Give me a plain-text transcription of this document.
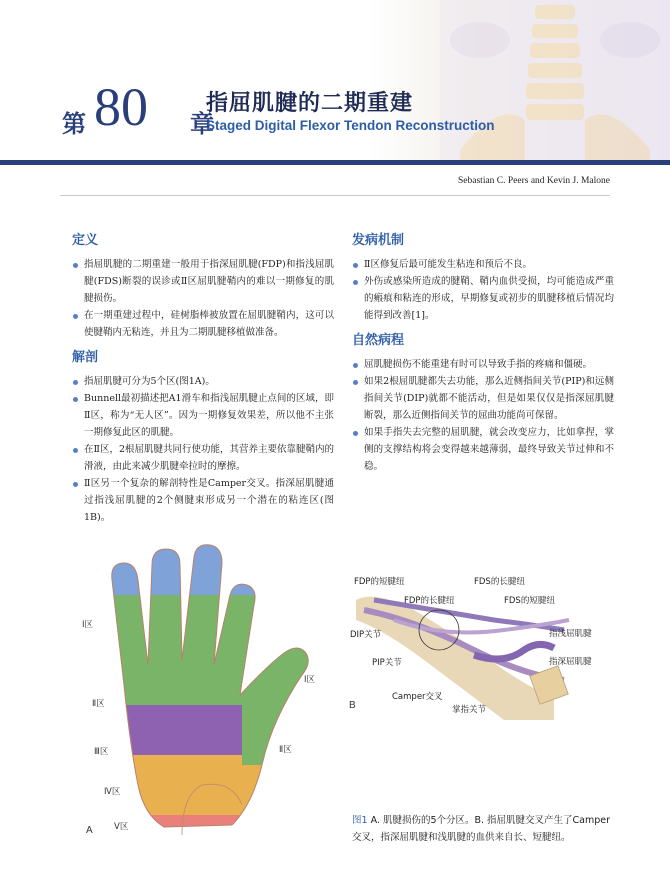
第 80 章
指屈肌腱的二期重建
Staged Digital Flexor Tendon Reconstruction
Sebastian C. Peers and Kevin J. Malone
定义
指屈肌腱的二期重建一般用于指深屈肌腱(FDP)和指浅屈肌腱(FDS)断裂的误诊或Ⅱ区屈肌腱鞘内的难以一期修复的肌腱损伤。
在一期重建过程中，硅树脂棒被放置在屈肌腱鞘内，这可以使腱鞘内无粘连，并且为二期肌腱移植做准备。
解剖
指屈肌腱可分为5个区(图1A)。
Bunnell最初描述把A1滑车和指浅屈肌腱止点间的区域，即Ⅱ区，称为“无人区”。因为一期修复效果差，所以他不主张一期修复此区的肌腱。
在Ⅱ区，2根屈肌腱共同行使功能，其营养主要依靠腱鞘内的滑液，由此来减少肌腱牵拉时的摩擦。
Ⅱ区另一个复杂的解剖特性是Camper交叉。指深屈肌腱通过指浅屈肌腱的2个侧腱束形成另一个潜在的粘连区(图1B)。
发病机制
Ⅱ区修复后最可能发生粘连和预后不良。
外伤或感染所造成的腱鞘、鞘内血供受损，均可能造成严重的瘢痕和粘连的形成，早期修复或初步的肌腱移植后情况均能得到改善[1]。
自然病程
屈肌腱损伤不能重建有时可以导致手指的疼痛和僵硬。
如果2根屈肌腱都失去功能，那么近侧指间关节(PIP)和远侧指间关节(DIP)就都不能活动，但是如果仅仅是指深屈肌腱断裂，那么近侧指间关节的屈曲功能尚可保留。
如果手指失去完整的屈肌腱，就会改变应力，比如拿捏，掌侧的支撑结构将会变得越来越薄弱，最终导致关节过伸和不稳。
Ⅰ区
Ⅰ区
Ⅱ区
Ⅱ区
Ⅲ区
Ⅳ区
Ⅴ区
A
FDP的短腱纽	FDS的长腱纽
FDP的长腱纽	FDS的短腱纽
DIP关节	指浅屈肌腱
PIP关节	指深屈肌腱
Camper交叉
掌指关节
B
图1 A. 肌腱损伤的5个分区。B. 指屈肌腱交叉产生了Camper交叉，指深屈肌腱和浅肌腱的血供来自长、短腱纽。
